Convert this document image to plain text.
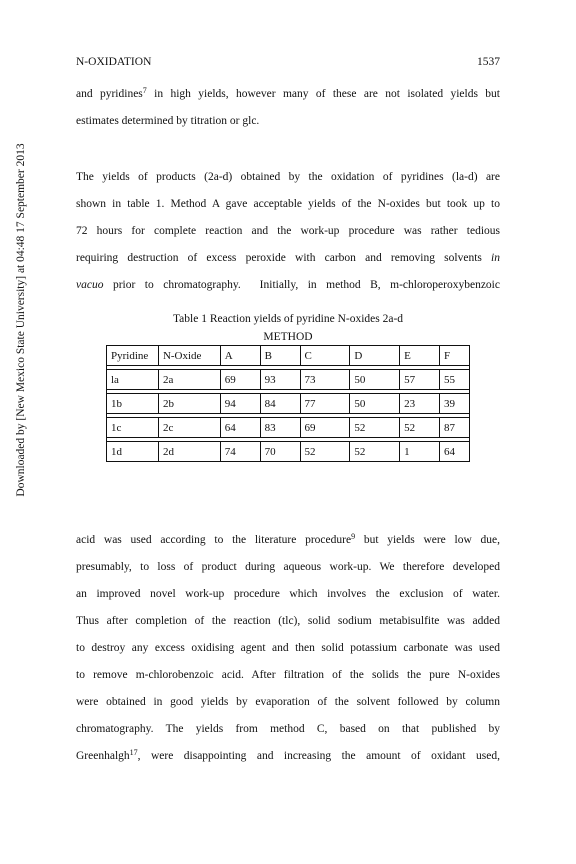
N-OXIDATION	1537
Downloaded by [New Mexico State University] at 04:48 17 September 2013
and pyridines$^7$ in high yields, however many of these are not isolated yields but
estimates determined by titration or glc.
The yields of products (2a-d) obtained by the oxidation of pyridines (la-d) are
shown in table 1. Method A gave acceptable yields of the N-oxides but took up to
72 hours for complete reaction and the work-up procedure was rather tedious
requiring destruction of excess peroxide with carbon and removing solvents in
vacuo prior to chromatography.  Initially, in method B, m-chloroperoxybenzoic
Table 1 Reaction yields of pyridine N-oxides 2a-d
METHOD
Pyridine	N-Oxide	A	B	C	D	E	F

la	2a	69	93	73	50	57	55

1b	2b	94	84	77	50	23	39

1c	2c	64	83	69	52	52	87

1d	2d	74	70	52	52	1	64
acid was used according to the literature procedure$^9$ but yields were low due,
presumably, to loss of product during aqueous work-up. We therefore developed
an improved novel work-up procedure which involves the exclusion of water.
Thus after completion of the reaction (tlc), solid sodium metabisulfite was added
to destroy any excess oxidising agent and then solid potassium carbonate was used
to remove m-chlorobenzoic acid. After filtration of the solids the pure N-oxides
were obtained in good yields by evaporation of the solvent followed by column
chromatography. The yields from method C, based on that published by
Greenhalgh$^{17}$, were disappointing and increasing the amount of oxidant used,
